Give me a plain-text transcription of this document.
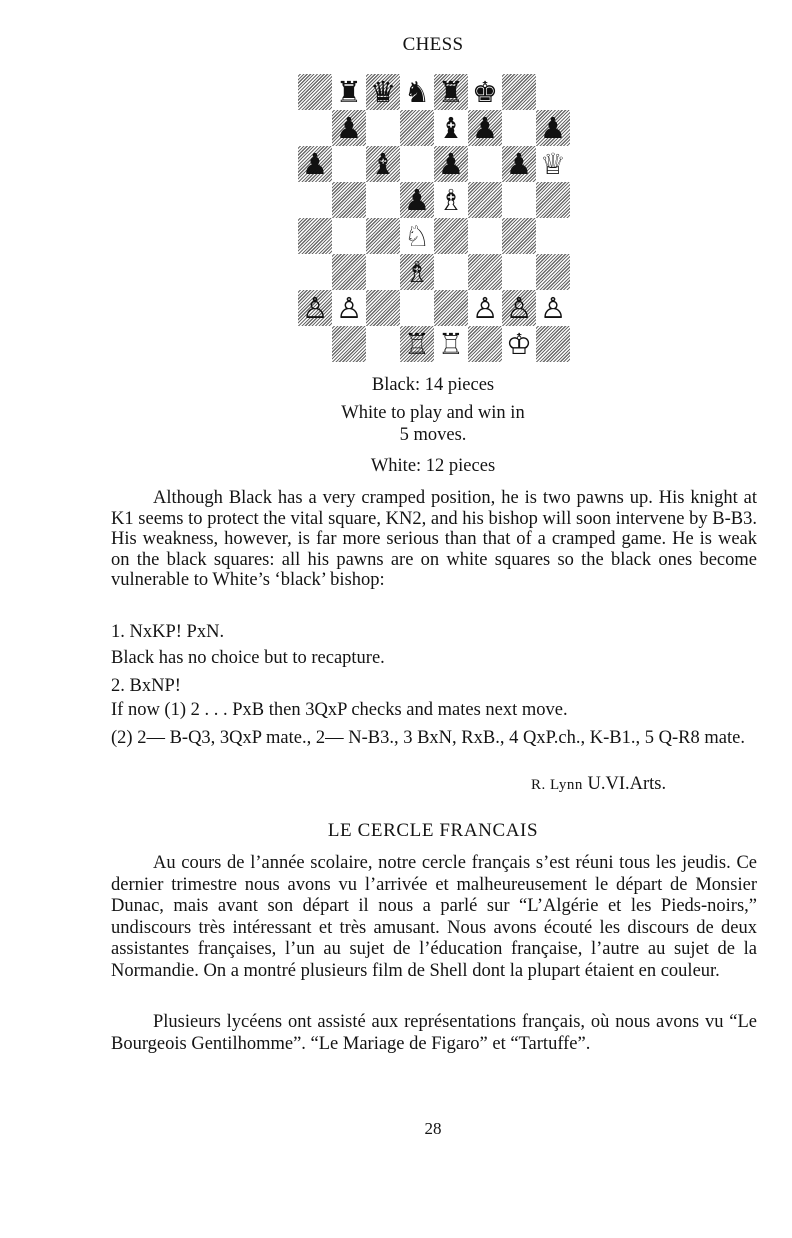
CHESS
♜ ♛ ♞ ♜ ♚
♟	♝ ♟ ♟
♟ ♝ ♟ ♟ ♕
♟ ♗
♘
♗
♙ ♙	♙ ♙ ♙
♖ ♖ ♔
Black: 14 pieces
White to play and win in 5 moves.
White: 12 pieces

Although Black has a very cramped position, he is two pawns up. His knight at K1 seems to protect the vital square, KN2, and his bishop will soon intervene by B-B3. His weakness, however, is far more serious than that of a cramped game. He is weak on the black squares: all his pawns are on white squares so the black ones become vulnerable to White’s ‘black’ bishop:

1. NxKP! PxN.
Black has no choice but to recapture.
2. BxNP!
If now (1) 2 . . . PxB then 3QxP checks and mates next move.
(2) 2— B-Q3, 3QxP mate., 2— N-B3., 3 BxN, RxB., 4 QxP.ch., K-B1., 5 Q-R8 mate.
R. Lynn U.VI.Arts.
LE CERCLE FRANCAIS

Au cours de l’année scolaire, notre cercle français s’est réuni tous les jeudis. Ce dernier trimestre nous avons vu l’arrivée et malheureusement le départ de Monsier Dunac, mais avant son départ il nous a parlé sur “L’Algérie et les Pieds-noirs,” undiscours très intéressant et très amusant. Nous avons écouté les discours de deux assistantes françaises, l’un au sujet de l’éducation française, l’autre au sujet de la Normandie. On a montré plusieurs film de Shell dont la plupart étaient en couleur.

Plusieurs lycéens ont assisté aux représentations français, où nous avons vu “Le Bourgeois Gentilhomme”. “Le Mariage de Figaro” et “Tartuffe”.

28
